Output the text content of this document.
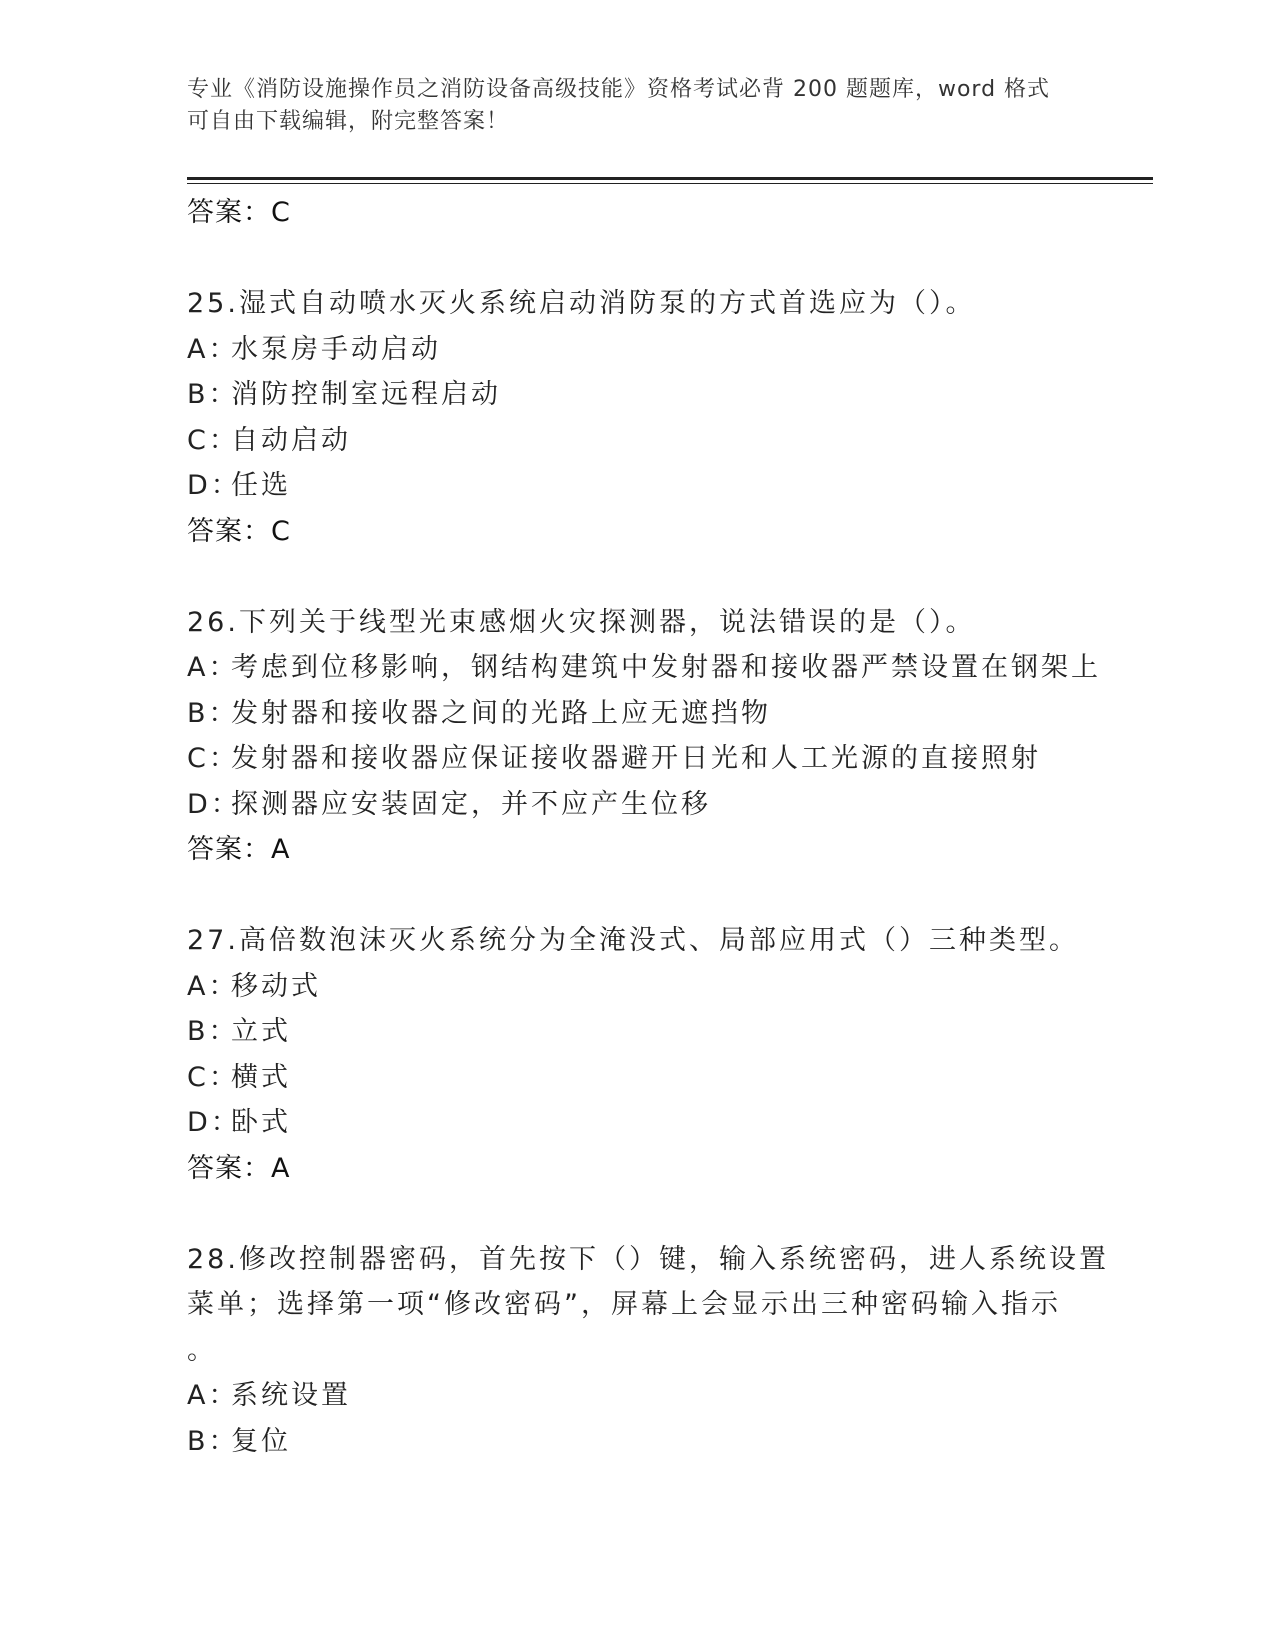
专业《消防设施操作员之消防设备高级技能》资格考试必背 200 题题库，word 格式可自由下载编辑，附完整答案！
答案：C
25.湿式自动喷水灭火系统启动消防泵的方式首选应为（）。
A：水泵房手动启动
B：消防控制室远程启动
C：自动启动
D：任选
答案：C
26.下列关于线型光束感烟火灾探测器，说法错误的是（）。
A：考虑到位移影响，钢结构建筑中发射器和接收器严禁设置在钢架上
B：发射器和接收器之间的光路上应无遮挡物
C：发射器和接收器应保证接收器避开日光和人工光源的直接照射
D：探测器应安装固定，并不应产生位移
答案：A
27.高倍数泡沫灭火系统分为全淹没式、局部应用式（）三种类型。
A：移动式
B：立式
C：横式
D：卧式
答案：A
28.修改控制器密码，首先按下（）键，输入系统密码，进人系统设置
菜单；选择第一项“修改密码”，屏幕上会显示出三种密码输入指示
。
A：系统设置
B：复位
